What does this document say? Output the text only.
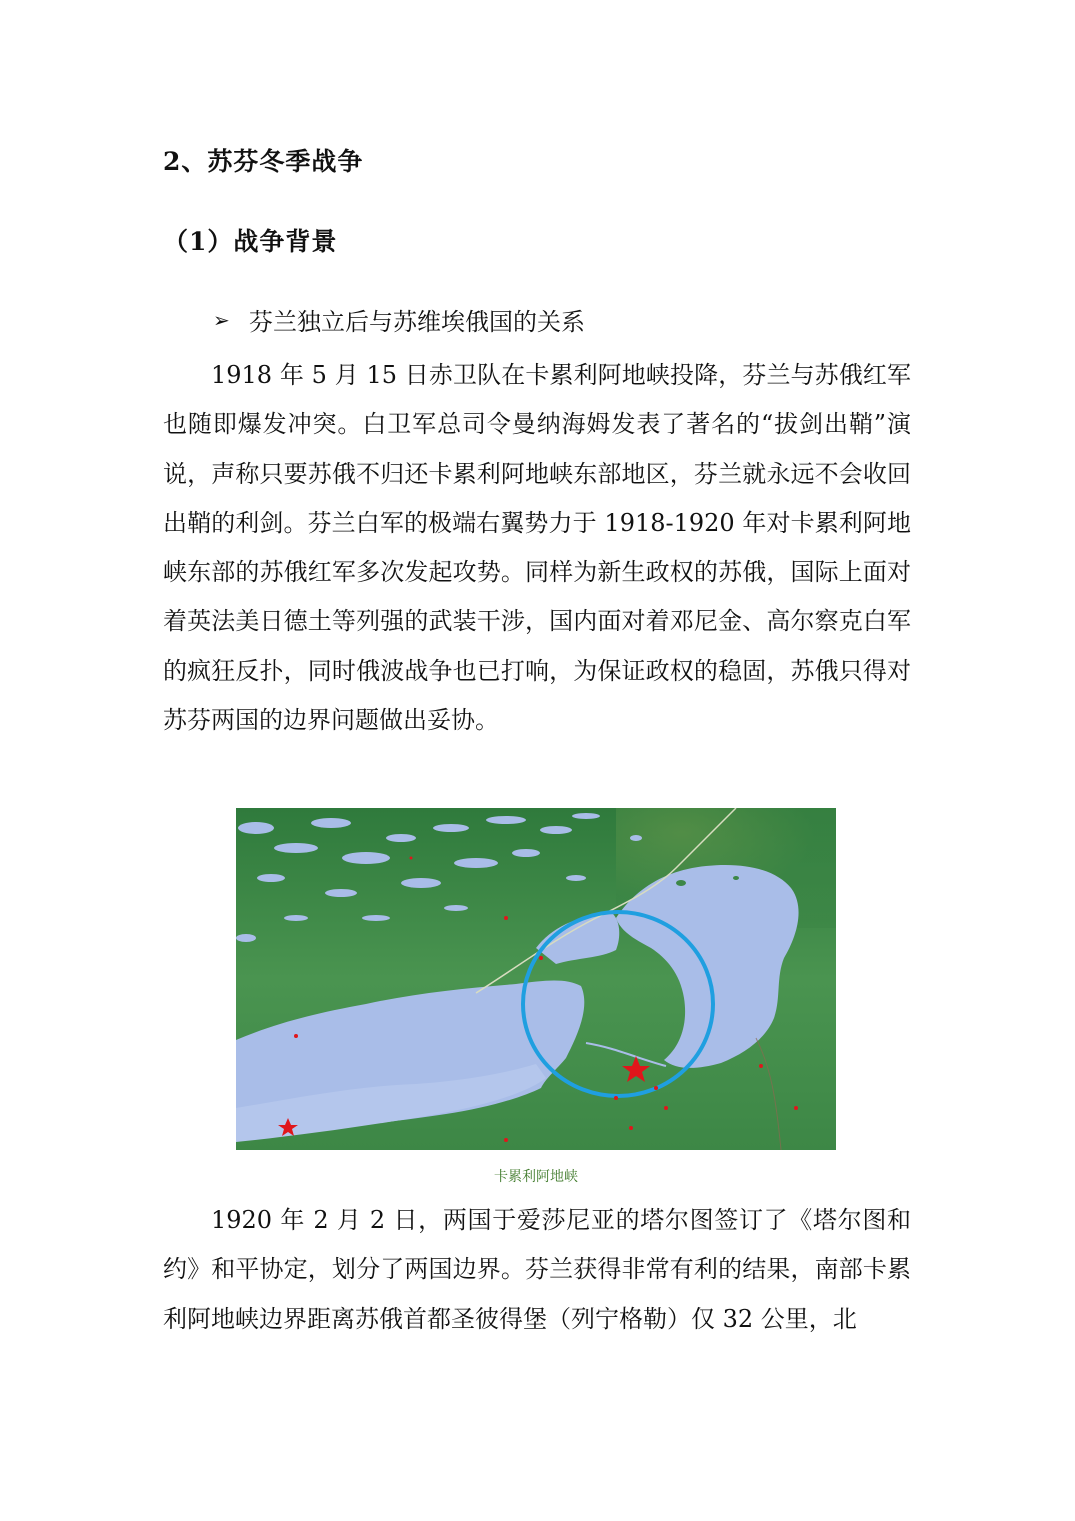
2、苏芬冬季战争
（1）战争背景
➢ 芬兰独立后与苏维埃俄国的关系

1918 年 5 月 15 日赤卫队在卡累利阿地峡投降，芬兰与苏俄红军也随即爆发冲突。白卫军总司令曼纳海姆发表了著名的“拔剑出鞘”演说，声称只要苏俄不归还卡累利阿地峡东部地区，芬兰就永远不会收回出鞘的利剑。芬兰白军的极端右翼势力于 1918-1920 年对卡累利阿地峡东部的苏俄红军多次发起攻势。同样为新生政权的苏俄，国际上面对着英法美日德土等列强的武装干涉，国内面对着邓尼金、高尔察克白军的疯狂反扑，同时俄波战争也已打响，为保证政权的稳固，苏俄只得对苏芬两国的边界问题做出妥协。

卡累利阿地峡

1920 年 2 月 2 日，两国于爱莎尼亚的塔尔图签订了《塔尔图和约》和平协定，划分了两国边界。芬兰获得非常有利的结果，南部卡累利阿地峡边界距离苏俄首都圣彼得堡（列宁格勒）仅 32 公里，北
